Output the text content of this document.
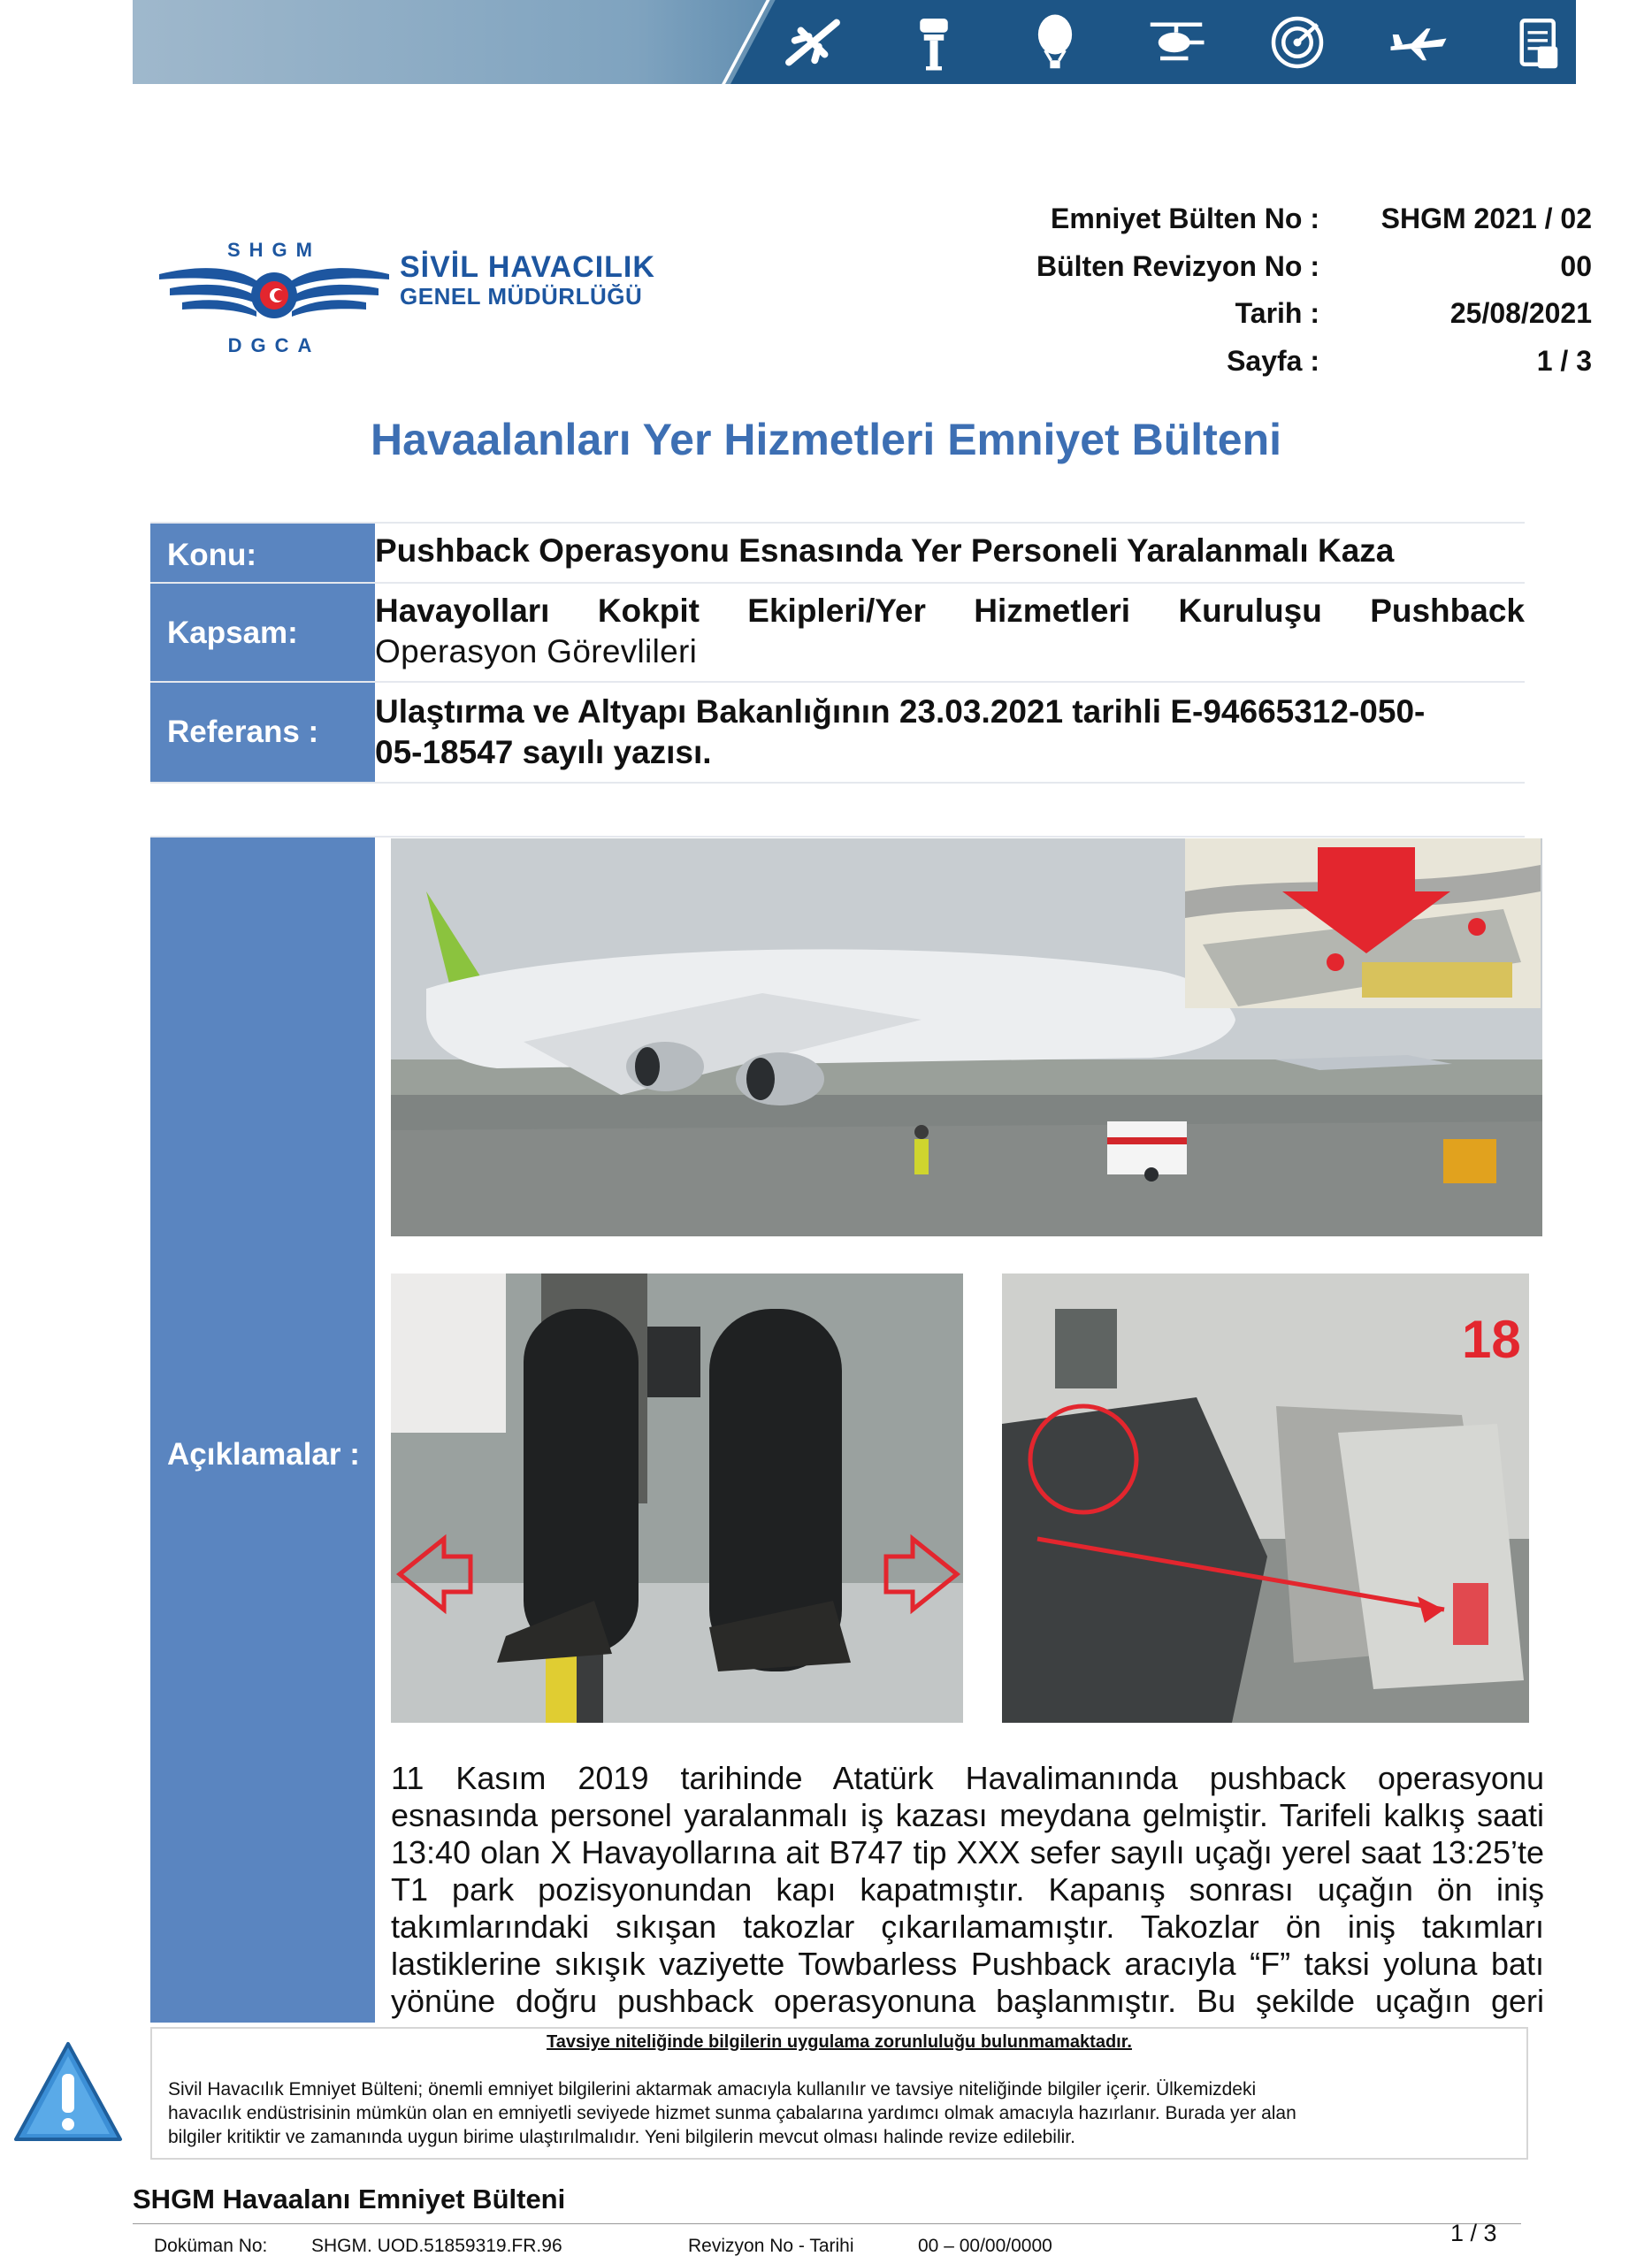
SHGM
DGCA
SİVİL HAVACILIK
GENEL MÜDÜRLÜĞÜ
Emniyet Bülten No : SHGM 2021 / 02
Bülten Revizyon No :	00
Tarih :	25/08/2021
Sayfa :	1 / 3
Havaalanları Yer Hizmetleri Emniyet Bülteni
Konu:	Pushback Operasyonu Esnasında Yer Personeli Yaralanmalı Kaza
Kapsam:
Havayolları Kokpit Ekipleri/Yer Hizmetleri Kuruluşu Pushback
Operasyon Görevlileri
Referans :
Ulaştırma ve Altyapı Bakanlığının 23.03.2021 tarihli E-94665312-050-
05-18547 sayılı yazısı.
Açıklamalar :
18
11 Kasım 2019 tarihinde Atatürk Havalimanında pushback operasyonu
esnasında personel yaralanmalı iş kazası meydana gelmiştir. Tarifeli kalkış saati
13:40 olan X Havayollarına ait B747 tip XXX sefer sayılı uçağı yerel saat 13:25’te
T1 park pozisyonundan kapı kapatmıştır. Kapanış sonrası uçağın ön iniş
takımlarındaki sıkışan takozlar çıkarılamamıştır. Takozlar ön iniş takımları
lastiklerine sıkışık vaziyette Towbarless Pushback aracıyla “F” taksi yoluna batı
yönüne doğru pushback operasyonuna başlanmıştır. Bu şekilde uçağın geri
Tavsiye niteliğinde bilgilerin uygulama zorunluluğu bulunmamaktadır.
Sivil Havacılık Emniyet Bülteni; önemli emniyet bilgilerini aktarmak amacıyla kullanılır ve tavsiye niteliğinde bilgiler içerir. Ülkemizdeki
havacılık endüstrisinin mümkün olan en emniyetli seviyede hizmet sunma çabalarına yardımcı olmak amacıyla hazırlanır. Burada yer alan
bilgiler kritiktir ve zamanında uygun birime ulaştırılmalıdır. Yeni bilgilerin mevcut olması halinde revize edilebilir.
SHGM Havaalanı Emniyet Bülteni
Doküman No: SHGM. UOD.51859319.FR.96	Revizyon No - Tarihi	00 – 00/00/0000	1 / 3
